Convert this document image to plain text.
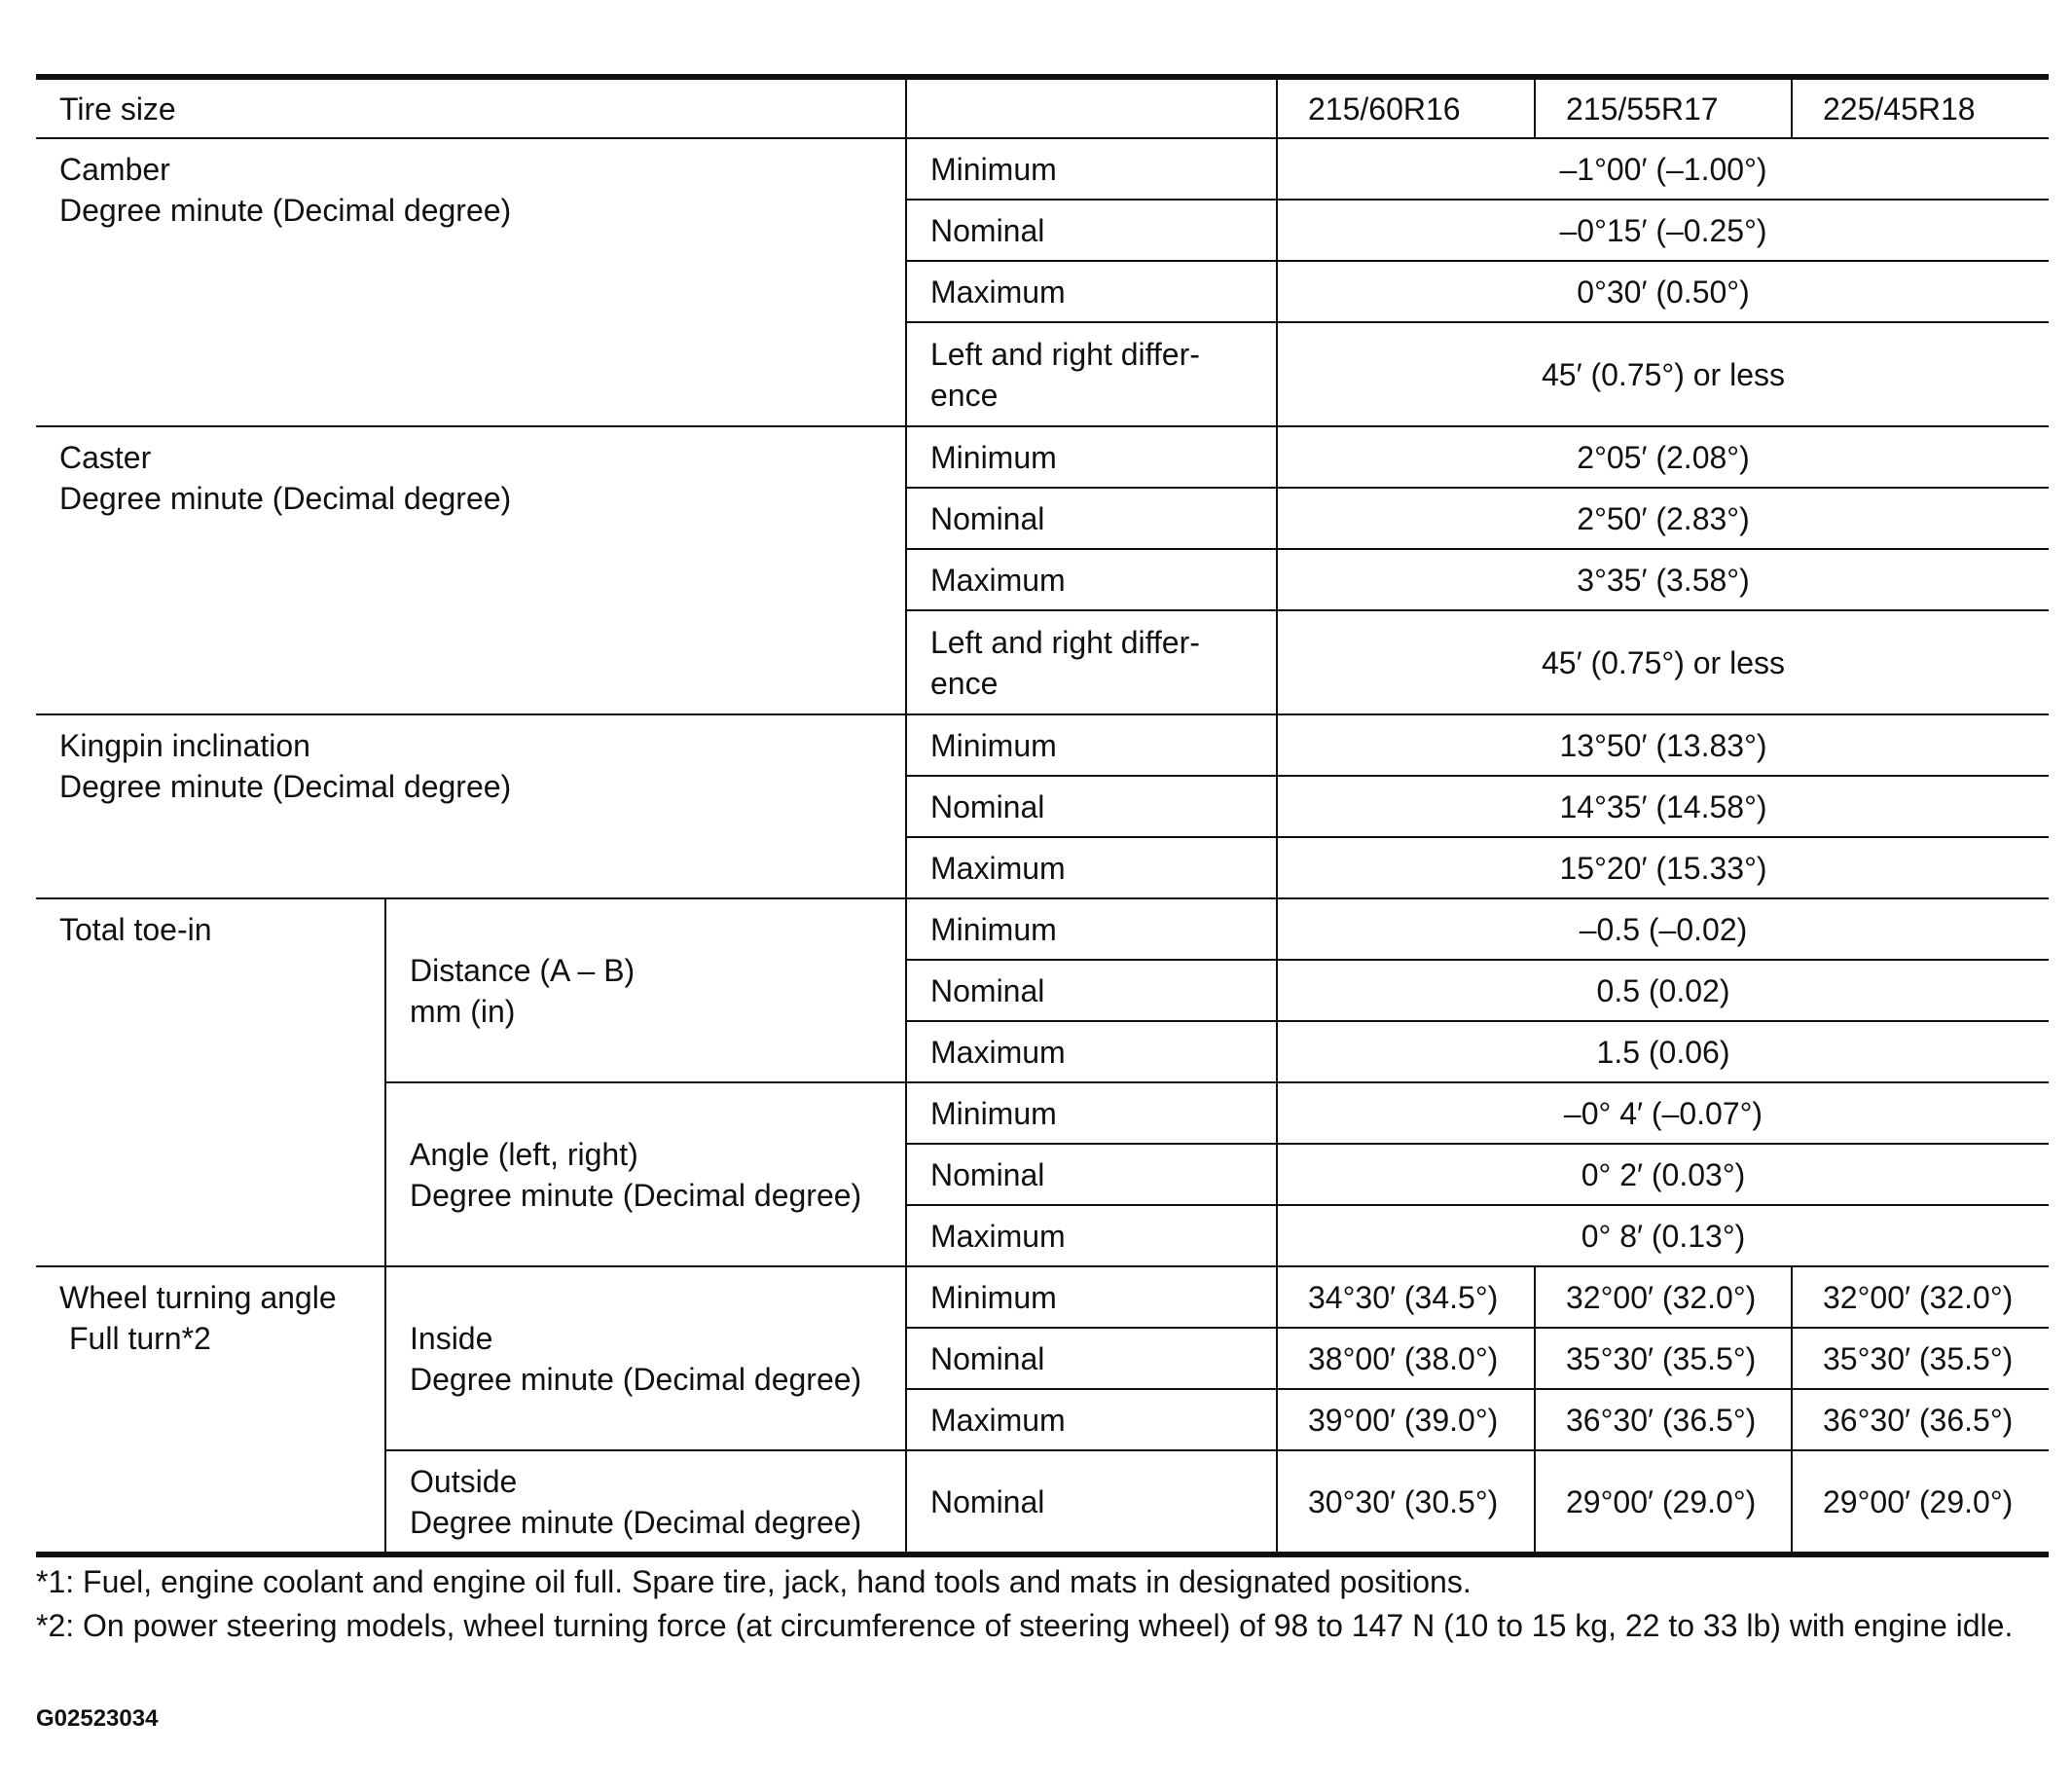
Tire size			215/60R16	215/55R17	225/45R18

Camber
Degree minute (Decimal degree)		Minimum	–1°00′ (–1.00°)		
		Nominal	–0°15′ (–0.25°)		
		Maximum	0°30′ (0.50°)		

		Left and right differ-
ence	45′ (0.75°) or less		

Caster
Degree minute (Decimal degree)		Minimum	2°05′ (2.08°)		
		Nominal	2°50′ (2.83°)		
		Maximum	3°35′ (3.58°)		

		Left and right differ-
ence	45′ (0.75°) or less		

Kingpin inclination
Degree minute (Decimal degree)		Minimum	13°50′ (13.83°)		
		Nominal	14°35′ (14.58°)		
		Maximum	15°20′ (15.33°)		
Total toe-in	Distance (A – B)
mm (in)	Minimum	–0.5 (–0.02)		
		Nominal	0.5 (0.02)		
		Maximum	1.5 (0.06)		

	Angle (left, right)
Degree minute (Decimal degree)	Minimum	–0° 4′ (–0.07°)		
		Nominal	0° 2′ (0.03°)		
		Maximum	0° 8′ (0.13°)		

Wheel turning angle
Full turn*2	Inside
Degree minute (Decimal degree)	Minimum	34°30′ (34.5°)	32°00′ (32.0°)	32°00′ (32.0°)
		Nominal	38°00′ (38.0°)	35°30′ (35.5°)	35°30′ (35.5°)
		Maximum	39°00′ (39.0°)	36°30′ (36.5°)	36°30′ (36.5°)

	Outside
Degree minute (Decimal degree)	Nominal	30°30′ (30.5°)	29°00′ (29.0°)	29°00′ (29.0°)

*1: Fuel, engine coolant and engine oil full. Spare tire, jack, hand tools and mats in designated positions.

*2: On power steering models, wheel turning force (at circumference of steering wheel) of 98 to 147 N (10 to 15 kg, 22 to 33 lb) with engine idle.

G02523034
